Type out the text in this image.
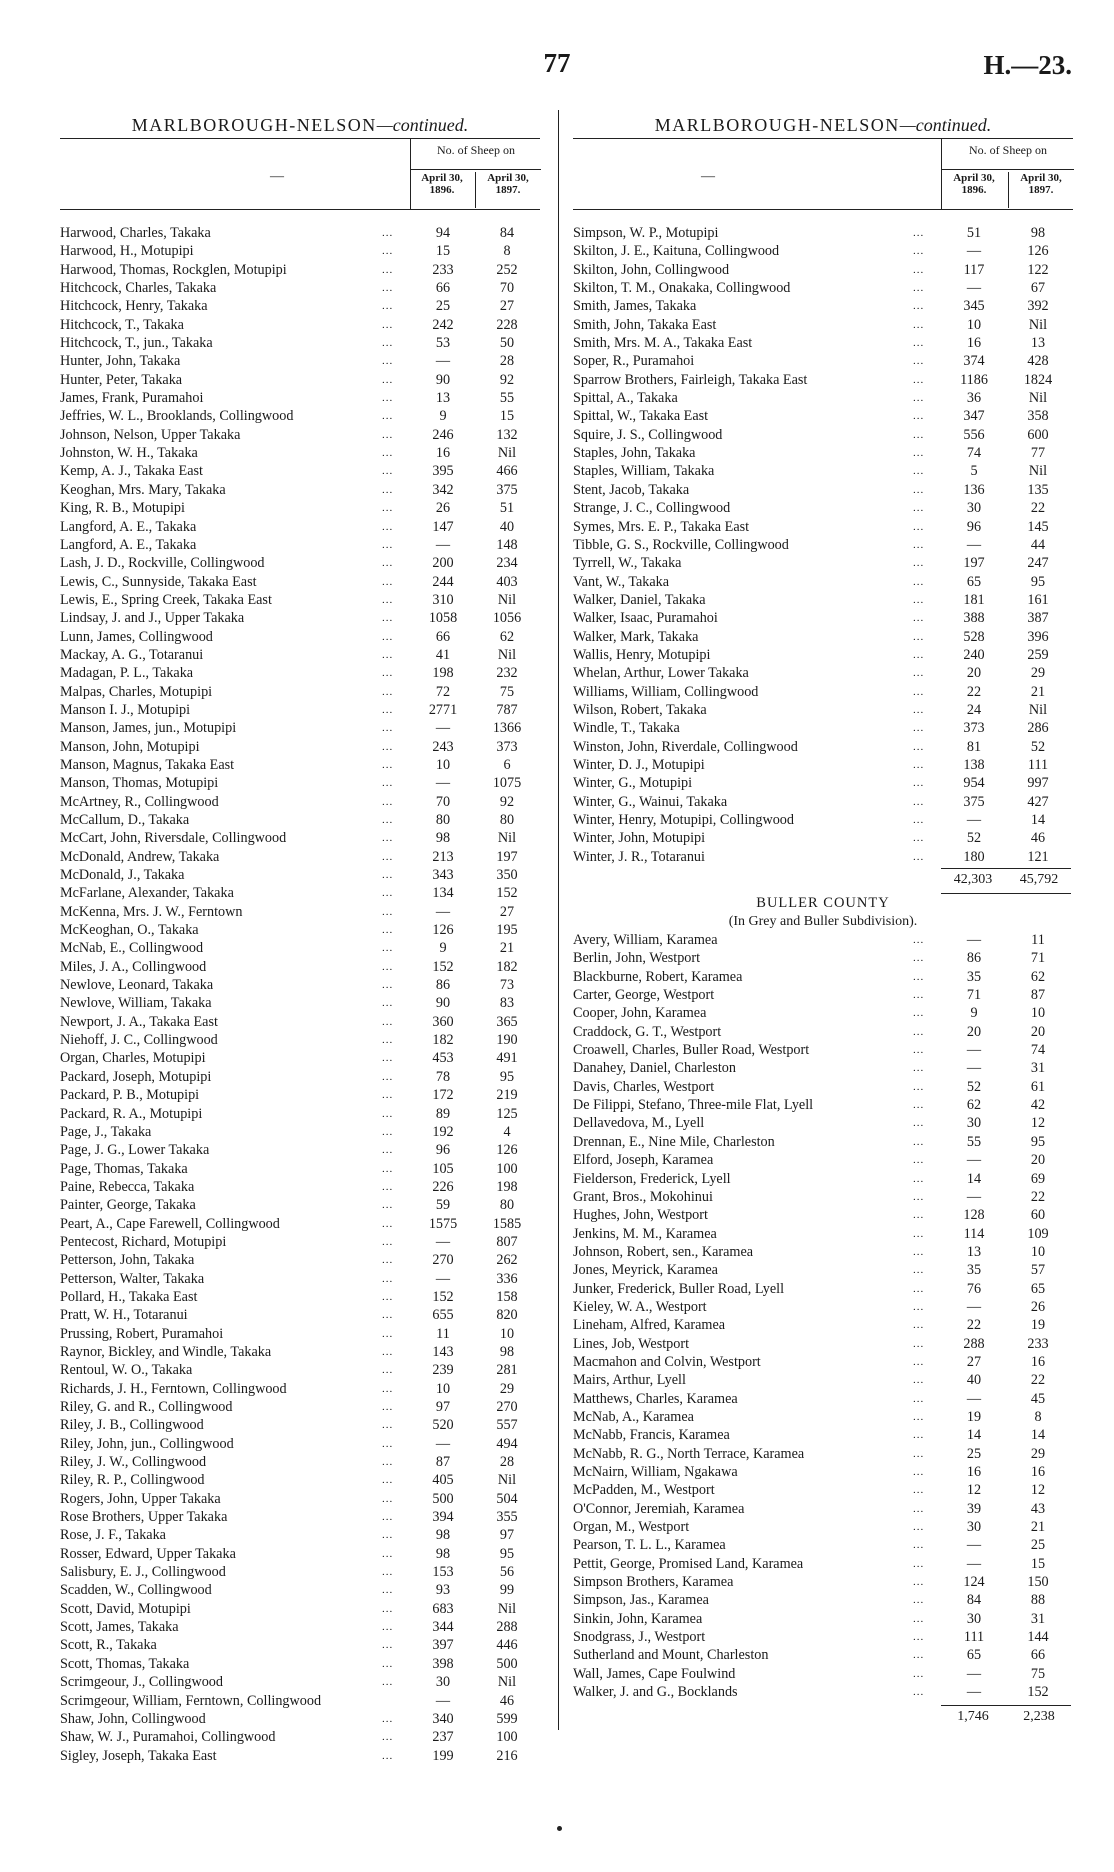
77	H.—23.
MARLBOROUGH-NELSON—continued.
—
No. of Sheep on
April 30, 1896.
April 30, 1897.
Harwood, Charles, Takaka	...	94	84
Harwood, H., Motupipi	...	15	8
Harwood, Thomas, Rockglen, Motupipi	...	233	252
Hitchcock, Charles, Takaka	...	66	70
Hitchcock, Henry, Takaka	...	25	27
Hitchcock, T., Takaka	...	242	228
Hitchcock, T., jun., Takaka	...	53	50
Hunter, John, Takaka	...	—	28
Hunter, Peter, Takaka	...	90	92
James, Frank, Puramahoi	...	13	55
Jeffries, W. L., Brooklands, Collingwood	...	9	15
Johnson, Nelson, Upper Takaka	...	246	132
Johnston, W. H., Takaka	...	16	Nil
Kemp, A. J., Takaka East	...	395	466
Keoghan, Mrs. Mary, Takaka	...	342	375
King, R. B., Motupipi	...	26	51
Langford, A. E., Takaka	...	147	40
Langford, A. E., Takaka	...	—	148
Lash, J. D., Rockville, Collingwood	...	200	234
Lewis, C., Sunnyside, Takaka East	...	244	403
Lewis, E., Spring Creek, Takaka East	...	310	Nil
Lindsay, J. and J., Upper Takaka	...	1058	1056
Lunn, James, Collingwood	...	66	62
Mackay, A. G., Totaranui	...	41	Nil
Madagan, P. L., Takaka	...	198	232
Malpas, Charles, Motupipi	...	72	75
Manson I. J., Motupipi	...	2771	787
Manson, James, jun., Motupipi	...	—	1366
Manson, John, Motupipi	...	243	373
Manson, Magnus, Takaka East	...	10	6
Manson, Thomas, Motupipi	...	—	1075
McArtney, R., Collingwood	...	70	92
McCallum, D., Takaka	...	80	80
McCart, John, Riversdale, Collingwood	...	98	Nil
McDonald, Andrew, Takaka	...	213	197
McDonald, J., Takaka	...	343	350
McFarlane, Alexander, Takaka	...	134	152
McKenna, Mrs. J. W., Ferntown	...	—	27
McKeoghan, O., Takaka	...	126	195
McNab, E., Collingwood	...	9	21
Miles, J. A., Collingwood	...	152	182
Newlove, Leonard, Takaka	...	86	73
Newlove, William, Takaka	...	90	83
Newport, J. A., Takaka East	...	360	365
Niehoff, J. C., Collingwood	...	182	190
Organ, Charles, Motupipi	...	453	491
Packard, Joseph, Motupipi	...	78	95
Packard, P. B., Motupipi	...	172	219
Packard, R. A., Motupipi	...	89	125
Page, J., Takaka	...	192	4
Page, J. G., Lower Takaka	...	96	126
Page, Thomas, Takaka	...	105	100
Paine, Rebecca, Takaka	...	226	198
Painter, George, Takaka	...	59	80
Peart, A., Cape Farewell, Collingwood	...	1575	1585
Pentecost, Richard, Motupipi	...	—	807
Petterson, John, Takaka	...	270	262
Petterson, Walter, Takaka	...	—	336
Pollard, H., Takaka East	...	152	158
Pratt, W. H., Totaranui	...	655	820
Prussing, Robert, Puramahoi	...	11	10
Raynor, Bickley, and Windle, Takaka	...	143	98
Rentoul, W. O., Takaka	...	239	281
Richards, J. H., Ferntown, Collingwood	...	10	29
Riley, G. and R., Collingwood	...	97	270
Riley, J. B., Collingwood	...	520	557
Riley, John, jun., Collingwood	...	—	494
Riley, J. W., Collingwood	...	87	28
Riley, R. P., Collingwood	...	405	Nil
Rogers, John, Upper Takaka	...	500	504
Rose Brothers, Upper Takaka	...	394	355
Rose, J. F., Takaka	...	98	97
Rosser, Edward, Upper Takaka	...	98	95
Salisbury, E. J., Collingwood	...	153	56
Scadden, W., Collingwood	...	93	99
Scott, David, Motupipi	...	683	Nil
Scott, James, Takaka	...	344	288
Scott, R., Takaka	...	397	446
Scott, Thomas, Takaka	...	398	500
Scrimgeour, J., Collingwood	...	30	Nil
Scrimgeour, William, Ferntown, Collingwood	—	46
Shaw, John, Collingwood	...	340	599
Shaw, W. J., Puramahoi, Collingwood	...	237	100
Sigley, Joseph, Takaka East	...	199	216
MARLBOROUGH-NELSON—continued.
—
No. of Sheep on
April 30, 1896.
April 30, 1897.
Simpson, W. P., Motupipi	...	51	98
Skilton, J. E., Kaituna, Collingwood	...	—	126
Skilton, John, Collingwood	...	117	122
Skilton, T. M., Onakaka, Collingwood	...	—	67
Smith, James, Takaka	...	345	392
Smith, John, Takaka East	...	10	Nil
Smith, Mrs. M. A., Takaka East	...	16	13
Soper, R., Puramahoi	...	374	428
Sparrow Brothers, Fairleigh, Takaka East	...	1186	1824
Spittal, A., Takaka	...	36	Nil
Spittal, W., Takaka East	...	347	358
Squire, J. S., Collingwood	...	556	600
Staples, John, Takaka	...	74	77
Staples, William, Takaka	...	5	Nil
Stent, Jacob, Takaka	...	136	135
Strange, J. C., Collingwood	...	30	22
Symes, Mrs. E. P., Takaka East	...	96	145
Tibble, G. S., Rockville, Collingwood	...	—	44
Tyrrell, W., Takaka	...	197	247
Vant, W., Takaka	...	65	95
Walker, Daniel, Takaka	...	181	161
Walker, Isaac, Puramahoi	...	388	387
Walker, Mark, Takaka	...	528	396
Wallis, Henry, Motupipi	...	240	259
Whelan, Arthur, Lower Takaka	...	20	29
Williams, William, Collingwood	...	22	21
Wilson, Robert, Takaka	...	24	Nil
Windle, T., Takaka	...	373	286
Winston, John, Riverdale, Collingwood	...	81	52
Winter, D. J., Motupipi	...	138	111
Winter, G., Motupipi	...	954	997
Winter, G., Wainui, Takaka	...	375	427
Winter, Henry, Motupipi, Collingwood	...	—	14
Winter, John, Motupipi	...	52	46
Winter, J. R., Totaranui	...	180	121
42,303	45,792
BULLER COUNTY
(In Grey and Buller Subdivision).
Avery, William, Karamea	...	—	11
Berlin, John, Westport	...	86	71
Blackburne, Robert, Karamea	...	35	62
Carter, George, Westport	...	71	87
Cooper, John, Karamea	...	9	10
Craddock, G. T., Westport	...	20	20
Croawell, Charles, Buller Road, Westport	...	—	74
Danahey, Daniel, Charleston	...	—	31
Davis, Charles, Westport	...	52	61
De Filippi, Stefano, Three-mile Flat, Lyell	...	62	42
Dellavedova, M., Lyell	...	30	12
Drennan, E., Nine Mile, Charleston	...	55	95
Elford, Joseph, Karamea	...	—	20
Fielderson, Frederick, Lyell	...	14	69
Grant, Bros., Mokohinui	...	—	22
Hughes, John, Westport	...	128	60
Jenkins, M. M., Karamea	...	114	109
Johnson, Robert, sen., Karamea	...	13	10
Jones, Meyrick, Karamea	...	35	57
Junker, Frederick, Buller Road, Lyell	...	76	65
Kieley, W. A., Westport	...	—	26
Lineham, Alfred, Karamea	...	22	19
Lines, Job, Westport	...	288	233
Macmahon and Colvin, Westport	...	27	16
Mairs, Arthur, Lyell	...	40	22
Matthews, Charles, Karamea	...	—	45
McNab, A., Karamea	...	19	8
McNabb, Francis, Karamea	...	14	14
McNabb, R. G., North Terrace, Karamea	...	25	29
McNairn, William, Ngakawa	...	16	16
McPadden, M., Westport	...	12	12
O'Connor, Jeremiah, Karamea	...	39	43
Organ, M., Westport	...	30	21
Pearson, T. L. L., Karamea	...	—	25
Pettit, George, Promised Land, Karamea	...	—	15
Simpson Brothers, Karamea	...	124	150
Simpson, Jas., Karamea	...	84	88
Sinkin, John, Karamea	...	30	31
Snodgrass, J., Westport	...	111	144
Sutherland and Mount, Charleston	...	65	66
Wall, James, Cape Foulwind	...	—	75
Walker, J. and G., Bocklands	...	—	152
1,746	2,238
